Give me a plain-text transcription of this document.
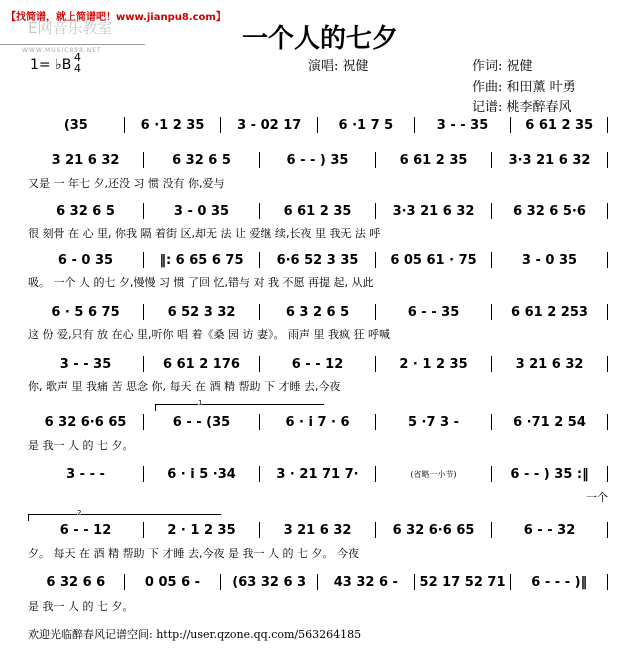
【找简谱，就上简谱吧！www.jianpu8.com】
E网音乐教室
WWW.MUSIC888.NET	一个人的七夕
1= ♭B 4
4	演唱: 祝健	作词: 祝健
作曲: 和田薰 叶勇
记谱: 桃李醉春风
(35	6 ·1 2 35	3 - 02 17	6 ·1 7 5	3 - - 35	6 61 2 35
3 21 6 32	6 32 6 5	6 - - ) 35	6 61 2 35	3·3 21 6 32
又是 一 年七 夕,还没 习 惯 没有 你,爱与
6 32 6 5	3 - 0 35	6 61 2 35	3·3 21 6 32	6 32 6 5·6
很 刻骨 在 心 里, 你我 隔 着街 区,却无 法 让 爱继 续,长夜 里 我无 法 呼
6 - 0 35	‖: 6 65 6 75	6·6 52 3 35	6 05 61 · 75	3 - 0 35
吸。 一个 人 的七 夕,慢慢 习 惯 了回 忆,错与 对 我 不愿 再提 起, 从此
6 · 5 6 75	6 52 3 32	6 3 2 6 5	6 - - 35	6 61 2 253
这 份 爱,只有 放 在心 里,听你 唱 着《桑 园 访 妻》。 雨声 里 我疯 狂 呼喊
3 - - 35	6 61 2 176	6 - - 12	2 · 1 2 35	3 21 6 32
你, 歌声 里 我痛 苦 思念 你, 每天 在 酒 精 帮助 下 才睡 去,今夜
6 32 6·6 65	6 - - (35	6 · i 7 · 6	5 ·7 3 -	6 ·71 2 54
是 我一 人 的 七 夕。
3 - - -	6 · i 5 ·34	3 · 21 71 7·	(省略一小节)	6 - - ) 35 :‖
一个
6 - - 12	2 · 1 2 35	3 21 6 32	6 32 6·6 65	6 - - 32
夕。 每天 在 酒 精 帮助 下 才睡 去,今夜 是 我一 人 的 七 夕。 今夜
6 32 6 6	0 05 6 -	(63 32 6 3	43 32 6 -	52 17 52 71	6 - - - )‖
是 我一 人 的 七 夕。
1
2
欢迎光临醉春风记谱空间: http://user.qzone.qq.com/563264185
